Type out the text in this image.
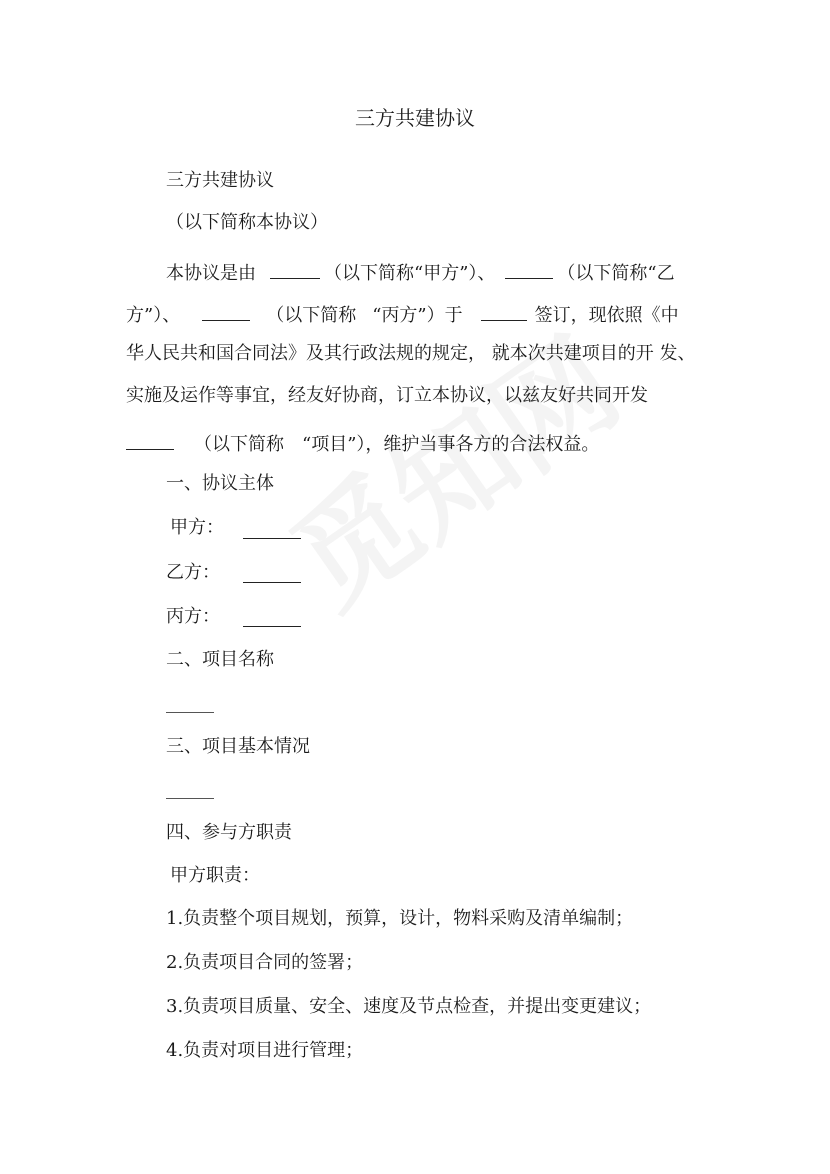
三方共建协议
三方共建协议
（以下简称本协议）
本协议是由	（以下简称“甲方”）、	（以下简称“乙
方”）、	（以下简称 “丙方”）于	签订，现依照《中
华人民共和国合同法》及其行政法规的规定， 就本次共建项目的开 发、
实施及运作等事宜，经友好协商，订立本协议，以兹友好共同开发
（以下简称 “项目”），维护当事各方的合法权益。
一、协议主体
甲方：
乙方：
丙方：
二、项目名称
三、项目基本情况
四、参与方职责
甲方职责：
1.负责整个项目规划，预算，设计，物料采购及清单编制；
2.负责项目合同的签署；
3.负责项目质量、安全、速度及节点检查，并提出变更建议；
4.负责对项目进行管理；
